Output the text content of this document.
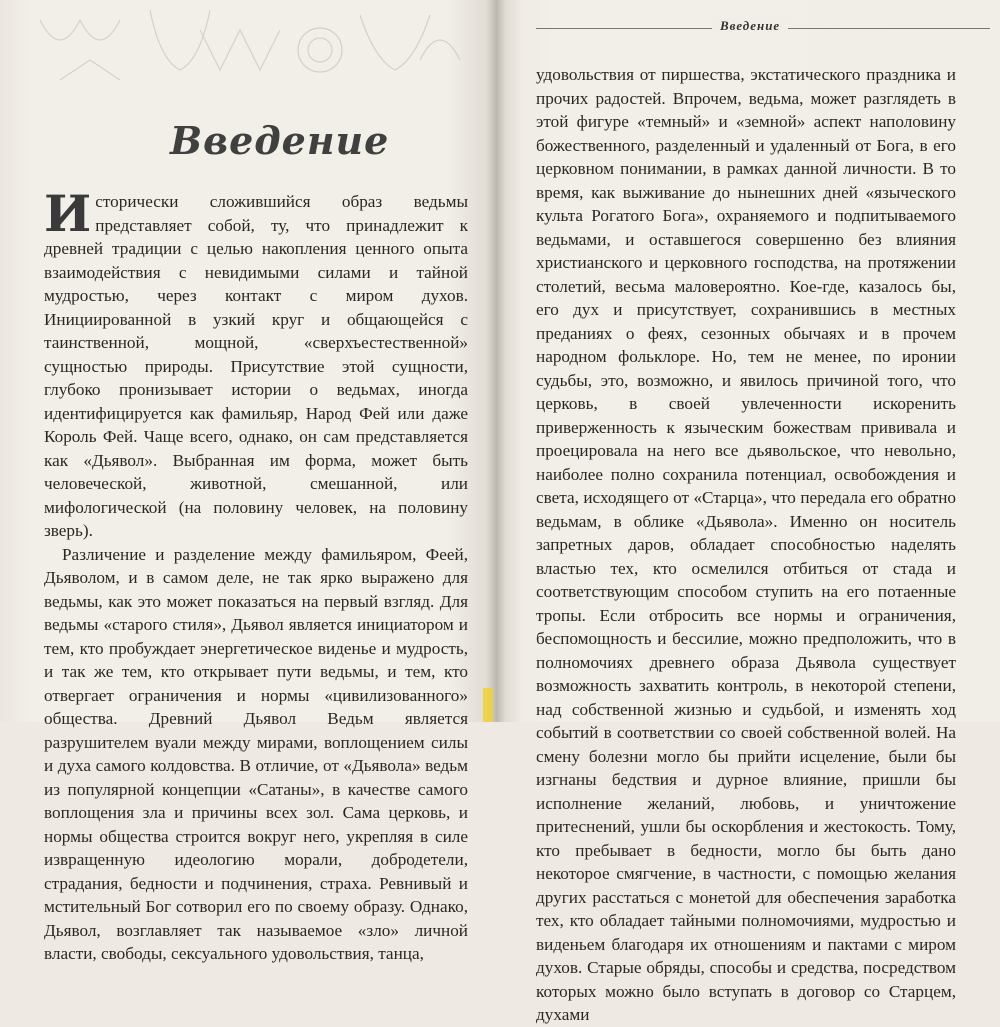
Введение

Исторически сложившийся образ ведьмы представляет собой, ту, что принадлежит к древней традиции с целью накопления ценного опыта взаимодействия с невидимыми силами и тайной мудростью, через контакт с миром духов. Инициированной в узкий круг и общающейся с таинственной, мощной, «сверхъестественной» сущностью природы. Присутствие этой сущности, глубоко пронизывает истории о ведьмах, иногда идентифицируется как фамильяр, Народ Фей или даже Король Фей. Чаще всего, однако, он сам представляется как «Дьявол». Выбранная им форма, может быть человеческой, животной, смешанной, или мифологической (на половину человек, на половину зверь).

Различение и разделение между фамильяром, Феей, Дьяволом, и в самом деле, не так ярко выражено для ведьмы, как это может показаться на первый взгляд. Для ведьмы «старого стиля», Дьявол является инициатором и тем, кто пробуждает энергетическое виденье и мудрость, и так же тем, кто открывает пути ведьмы, и тем, кто отвергает ограничения и нормы «цивилизованного» общества. Древний Дьявол Ведьм является разрушителем вуали между мирами, воплощением силы и духа самого колдовства. В отличие, от «Дьявола» ведьм из популярной концепции «Сатаны», в качестве самого воплощения зла и причины всех зол. Сама церковь, и нормы общества строится вокруг него, укрепляя в силе извращенную идеологию морали, добродетели, страдания, бедности и подчинения, страха. Ревнивый и мстительный Бог сотворил его по своему образу. Однако, Дьявол, возглавляет так называемое «зло» личной власти, свободы, сексуального удовольствия, танца,

Введение

удовольствия от пиршества, экстатического праздника и прочих радостей. Впрочем, ведьма, может разглядеть в этой фигуре «темный» и «земной» аспект наполовину божественного, разделенный и удаленный от Бога, в его церковном понимании, в рамках данной личности. В то время, как выживание до нынешних дней «языческого культа Рогатого Бога», охраняемого и подпитываемого ведьмами, и оставшегося совершенно без влияния христианского и церковного господства, на протяжении столетий, весьма маловероятно. Кое-где, казалось бы, его дух и присутствует, сохранившись в местных преданиях о феях, сезонных обычаях и в прочем народном фольклоре. Но, тем не менее, по иронии судьбы, это, возможно, и явилось причиной того, что церковь, в своей увлеченности искоренить приверженность к языческим божествам прививала и проецировала на него все дьявольское, что невольно, наиболее полно сохранила потенциал, освобождения и света, исходящего от «Старца», что передала его обратно ведьмам, в облике «Дьявола». Именно он носитель запретных даров, обладает способностью наделять властью тех, кто осмелился отбиться от стада и соответствующим способом ступить на его потаенные тропы. Если отбросить все нормы и ограничения, беспомощность и бессилие, можно предположить, что в полномочиях древнего образа Дьявола существует возможность захватить контроль, в некоторой степени, над собственной жизнью и судьбой, и изменять ход событий в соответствии со своей собственной волей. На смену болезни могло бы прийти исцеление, были бы изгнаны бедствия и дурное влияние, пришли бы исполнение желаний, любовь, и уничтожение притеснений, ушли бы оскорбления и жестокость. Тому, кто пребывает в бедности, могло бы быть дано некоторое смягчение, в частности, с помощью желания других расстаться с монетой для обеспечения заработка тех, кто обладает тайными полномочиями, мудростью и виденьем благодаря их отношениям и пактами с миром духов. Старые обряды, способы и средства, посредством которых можно было вступать в договор со Старцем, духами
